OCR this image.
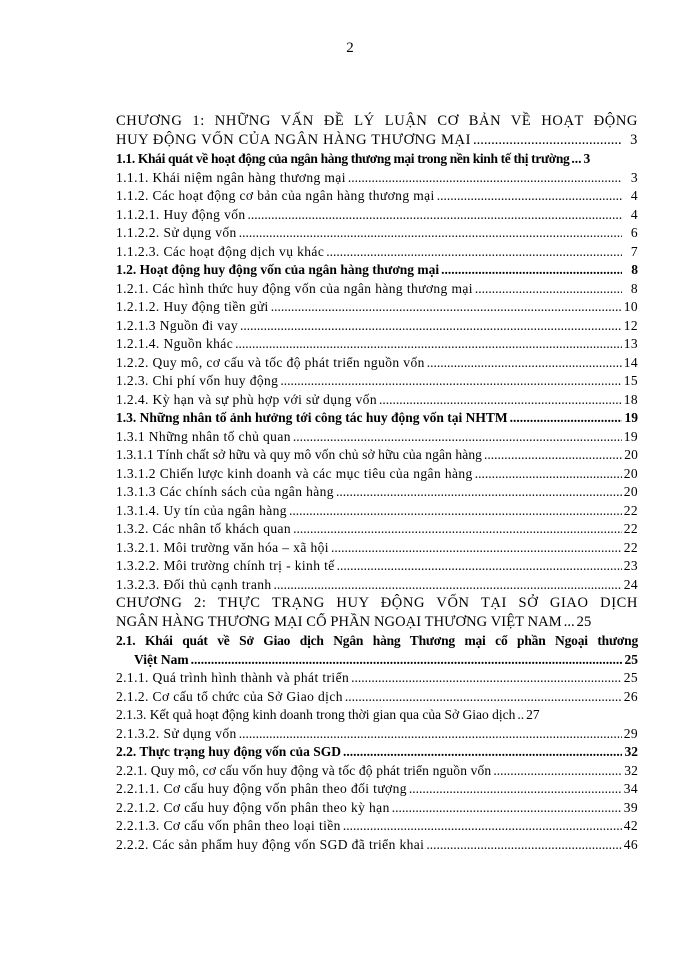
2
CHƯƠNG 1: NHỮNG VẤN ĐỀ LÝ LUẬN CƠ BẢN VỀ HOẠT ĐỘNG
HUY ĐỘNG VỐN CỦA NGÂN HÀNG THƯƠNG MẠI .....	3
1.1. Khái quát về hoạt động của ngân hàng thương mại trong nền kinh tế thị trường ... 3
1.1.1. Khái niệm ngân hàng thương mại .....	3
1.1.2. Các hoạt động cơ bản của ngân hàng thương mại .....	4
1.1.2.1. Huy động vốn .....	4
1.1.2.2. Sử dụng vốn .....	6
1.1.2.3. Các hoạt động dịch vụ khác .....	7
1.2. Hoạt động huy động vốn của ngân hàng thương mại .....	8
1.2.1. Các hình thức huy động vốn của ngân hàng thương mại .....	8
1.2.1.2. Huy động tiền gửi .....	10
1.2.1.3 Nguồn đi vay .....	12
1.2.1.4. Nguồn khác .....	13
1.2.2. Quy mô, cơ cấu và tốc độ phát triển nguồn vốn .....	14
1.2.3. Chi phí vốn huy động .....	15
1.2.4. Kỳ hạn và sự phù hợp với sử dụng vốn .....	18
1.3. Những nhân tố ảnh hưởng tới công tác huy động vốn tại NHTM .....	19
1.3.1 Những nhân tố chủ quan .....	19
1.3.1.1 Tính chất sở hữu và quy mô vốn chủ sở hữu của ngân hàng .....	20
1.3.1.2 Chiến lược kinh doanh và các mục tiêu của ngân hàng .....	20
1.3.1.3 Các chính sách của ngân hàng .....	20
1.3.1.4. Uy tín của ngân hàng .....	22
1.3.2. Các nhân tố khách quan .....	22
1.3.2.1. Môi trường văn hóa – xã hội .....	22
1.3.2.2. Môi trường chính trị - kinh tế .....	23
1.3.2.3. Đối thủ cạnh tranh .....	24
CHƯƠNG 2: THỰC TRẠNG HUY ĐỘNG VỐN TẠI SỞ GIAO DỊCH
NGÂN HÀNG THƯƠNG MẠI CỔ PHẦN NGOẠI THƯƠNG VIỆT NAM ... 25
2.1. Khái quát về Sở Giao dịch Ngân hàng Thương mại cổ phần Ngoại thương
Việt Nam .....	25
2.1.1. Quá trình hình thành và phát triển .....	25
2.1.2. Cơ cấu tổ chức của Sở Giao dịch .....	26
2.1.3. Kết quả hoạt động kinh doanh trong thời gian qua của Sở Giao dịch .. 27
2.1.3.2. Sử dụng vốn .....	29
2.2. Thực trạng huy động vốn của SGD .....	32
2.2.1. Quy mô, cơ cấu vốn huy động và tốc độ phát triển nguồn vốn .....	32
2.2.1.1. Cơ cấu huy động vốn phân theo đối tượng .....	34
2.2.1.2. Cơ cấu huy động vốn phân theo kỳ hạn .....	39
2.2.1.3. Cơ cấu vốn phân theo loại tiền .....	42
2.2.2. Các sản phẩm huy động vốn SGD đã triển khai .....	46
